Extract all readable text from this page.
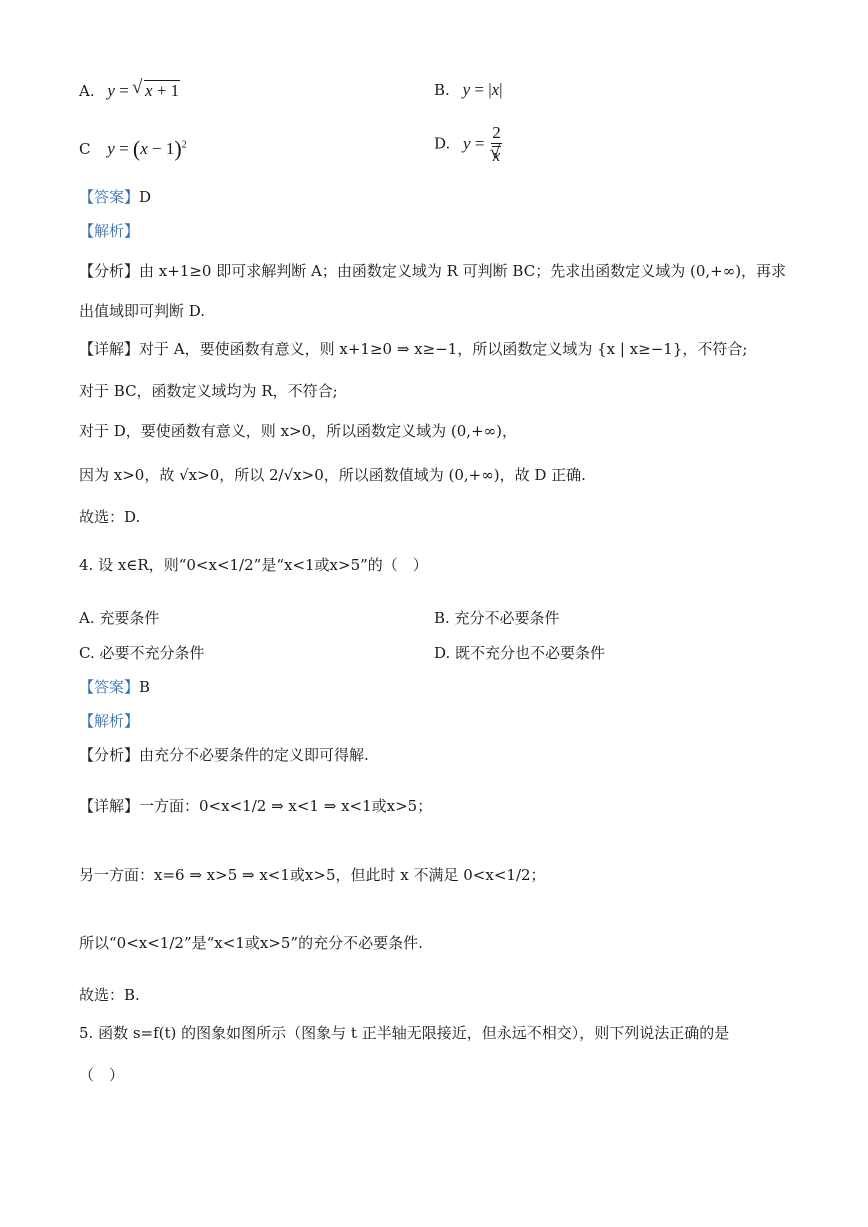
A. y = √ x + 1	B. y = |x|
C $y = (x - 1)^2$	D. y = 2
√ x
【答案】D
【解析】
【分析】由 x+1≥0 即可求解判断 A；由函数定义域为 R 可判断 BC；先求出函数定义域为 (0,+∞)，再求
出值域即可判断 D.
【详解】对于 A，要使函数有意义，则 x+1≥0 ⇒ x≥−1，所以函数定义域为 {x | x≥−1}，不符合;
对于 BC，函数定义域均为 R，不符合;
对于 D，要使函数有意义，则 x>0，所以函数定义域为 (0,+∞)，
因为 x>0，故 √x>0，所以 2/√x>0，所以函数值域为 (0,+∞)，故 D 正确.
故选：D.
4. 设 x∈R，则“0<x<1/2”是“x<1或x>5”的（　）
A. 充要条件	B. 充分不必要条件
C. 必要不充分条件	D. 既不充分也不必要条件
【答案】B
【解析】
【分析】由充分不必要条件的定义即可得解.
【详解】一方面：0<x<1/2 ⇒ x<1 ⇒ x<1或x>5；
另一方面：x=6 ⇒ x>5 ⇒ x<1或x>5，但此时 x 不满足 0<x<1/2；
所以“0<x<1/2”是“x<1或x>5”的充分不必要条件.
故选：B.
5. 函数 s=f(t) 的图象如图所示（图象与 t 正半轴无限接近，但永远不相交），则下列说法正确的是
（　）
